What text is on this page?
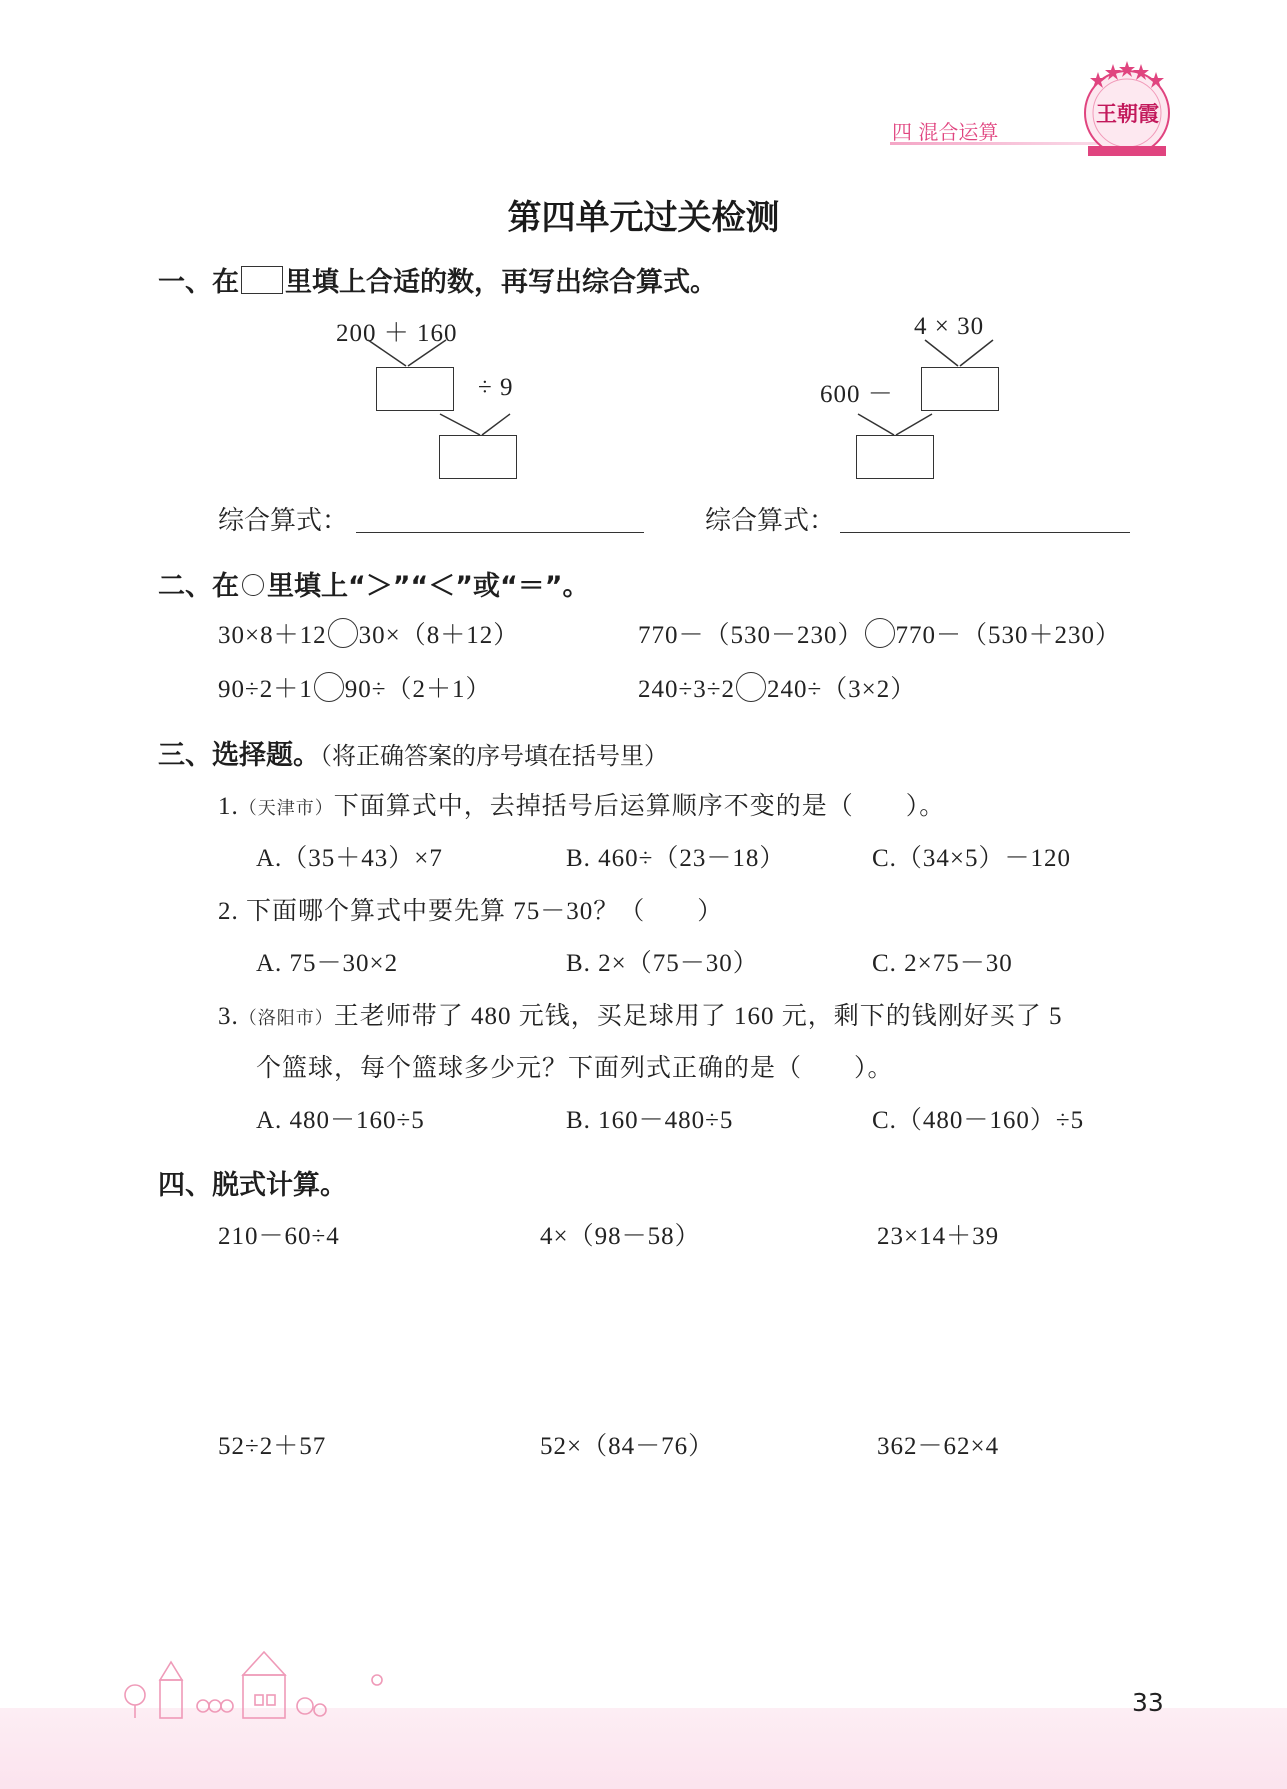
四 混合运算
王朝霞
第四单元过关检测
一、在 里填上合适的数，再写出综合算式。
200 ＋ 160
÷ 9
综合算式：
4 × 30
600 －
综合算式：
二、在 里填上“＞”“＜”或“＝”。
30×8＋12 30×（8＋12）	770－（530－230） 770－（530＋230）
90÷2＋1 90÷（2＋1）	240÷3÷2 240÷（3×2）
三、选择题。（将正确答案的序号填在括号里）
1.（天津市）下面算式中，去掉括号后运算顺序不变的是（　　）。
A.（35＋43）×7	B. 460÷（23－18）	C.（34×5）－120
2. 下面哪个算式中要先算 75－30？（　　）
A. 75－30×2	B. 2×（75－30）	C. 2×75－30
3.（洛阳市）王老师带了 480 元钱，买足球用了 160 元，剩下的钱刚好买了 5
个篮球，每个篮球多少元？下面列式正确的是（　　）。
A. 480－160÷5	B. 160－480÷5	C.（480－160）÷5
四、脱式计算。
210－60÷4	4×（98－58）	23×14＋39
52÷2＋57	52×（84－76）	362－62×4
33
